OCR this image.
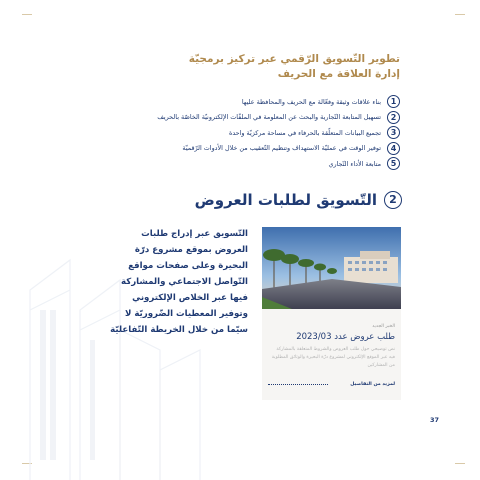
تطوير التّسويق الرّقمي عبر تركيز برمجيّة
إدارة العلاقة مع الحريف
1
بناء علاقات وثيقة وفعّالة مع الحريف والمحافظة عليها
2
تسهيل المتابعة التّجارية والبحث عن المعلومة في الملفّات الإلكترونيّة الخاصّة بالحريف
3
تجميع البيانات المتعلّقة بالحرفاء في مساحة مركزيّة واحدة
4
توفير الوقت في عمليّة الاستهداف وتنظيم التّعقيب من خلال الأدوات الرّقميّة
5
متابعة الأداء التّجاري
2
التّسويق لطلبات العروض
التّسويق عبر إدراج طلبات العروض بموقع مشروع درّة البحيرة وعلى صفحات مواقع التّواصل الاجتماعي والمشاركة فيها عبر الخلاص الإلكتروني وتوفير المعطيات الضّروريّة لا سيّما من خلال الخريطة التّفاعليّة	الخبر الجديد
طلب عروض عدد 2023/03
نص توضيحي حول طلب العروض والشروط المتعلقة بالمشاركة فيه عبر الموقع الإلكتروني لمشروع درّة البحيرة والوثائق المطلوبة من المشاركين
لمزيد من التفاصيل
37
